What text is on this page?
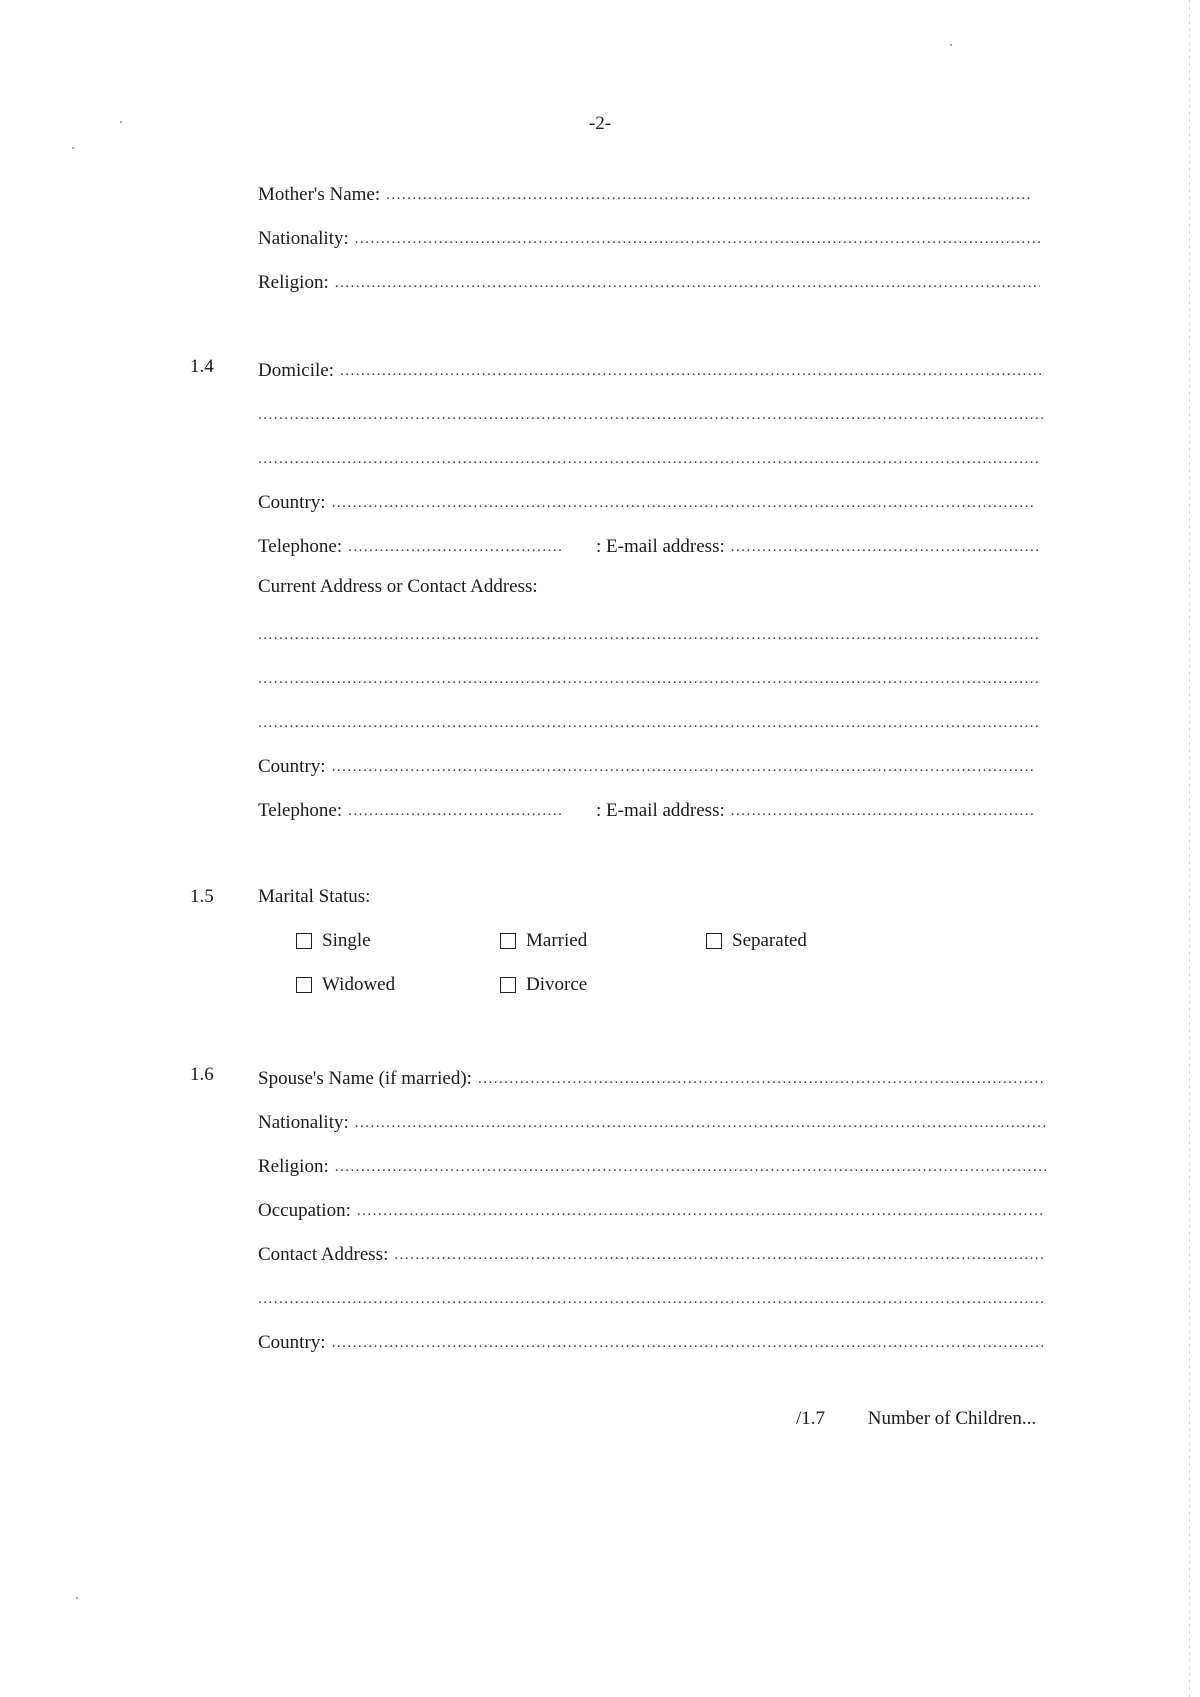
-2-
Mother's Name:
.....
Nationality:
.....
Religion:
.....
1.4 Domicile:
.....
.....
.....
Country:
.....
Telephone: .....	: E-mail address:
.....
Current Address or Contact Address:
.....
.....
.....
Country:
.....
Telephone: .....	: E-mail address:
.....
1.5 Marital Status:
Single	Married	Separated
Widowed	Divorce
1.6 Spouse's Name (if married):
.....
Nationality:
.....
Religion:
.....
Occupation:
.....
Contact Address:
.....
.....
Country:
.....
/1.7 Number of Children...
